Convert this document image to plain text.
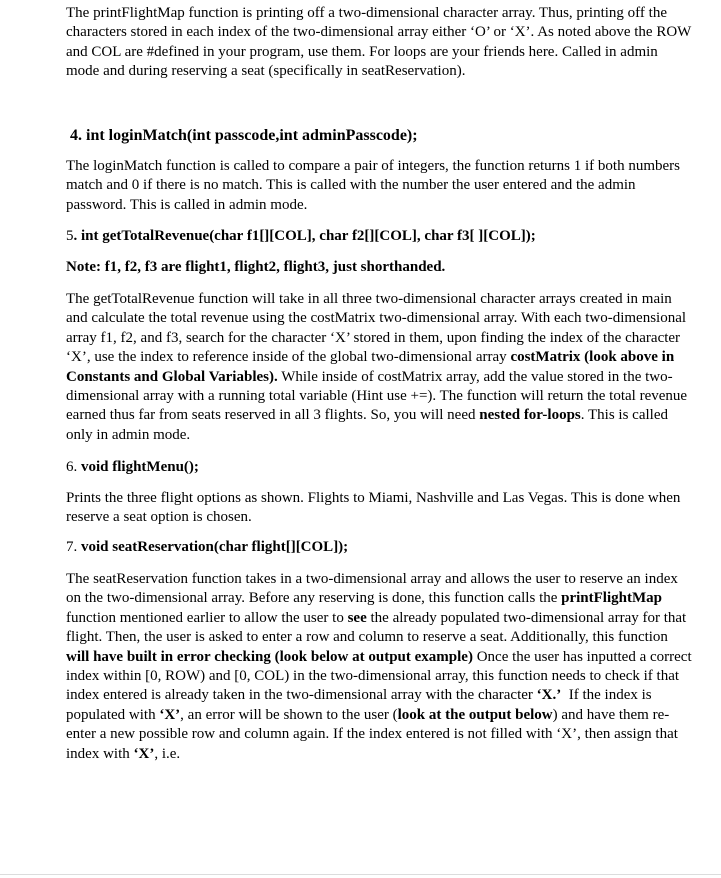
The printFlightMap function is printing off a two-dimensional character array. Thus, printing off the characters stored in each index of the two-dimensional array either ‘O’ or ‘X’. As noted above the ROW and COL are #defined in your program, use them. For loops are your friends here. Called in admin mode and during reserving a seat (specifically in seatReservation).

4. int loginMatch(int passcode,int adminPasscode);

The loginMatch function is called to compare a pair of integers, the function returns 1 if both numbers match and 0 if there is no match. This is called with the number the user entered and the admin password. This is called in admin mode.

5. int getTotalRevenue(char f1[][COL], char f2[][COL], char f3[ ][COL]);

Note: f1, f2, f3 are flight1, flight2, flight3, just shorthanded.

The getTotalRevenue function will take in all three two-dimensional character arrays created in main and calculate the total revenue using the costMatrix two-dimensional array. With each two-dimensional array f1, f2, and f3, search for the character ‘X’ stored in them, upon finding the index of the character ‘X’, use the index to reference inside of the global two-dimensional array costMatrix (look above in Constants and Global Variables). While inside of costMatrix array, add the value stored in the two-dimensional array with a running total variable (Hint use +=). The function will return the total revenue earned thus far from seats reserved in all 3 flights. So, you will need nested for-loops. This is called only in admin mode.

6. void flightMenu();

Prints the three flight options as shown. Flights to Miami, Nashville and Las Vegas. This is done when reserve a seat option is chosen.

7. void seatReservation(char flight[][COL]);

The seatReservation function takes in a two-dimensional array and allows the user to reserve an index on the two-dimensional array. Before any reserving is done, this function calls the printFlightMap function mentioned earlier to allow the user to see the already populated two-dimensional array for that flight. Then, the user is asked to enter a row and column to reserve a seat. Additionally, this function will have built in error checking (look below at output example) Once the user has inputted a correct index within [0, ROW) and [0, COL) in the two-dimensional array, this function needs to check if that index entered is already taken in the two-dimensional array with the character ‘X.’  If the index is populated with ‘X’, an error will be shown to the user (look at the output below) and have them re-enter a new possible row and column again. If the index entered is not filled with ‘X’, then assign that index with ‘X’, i.e.
